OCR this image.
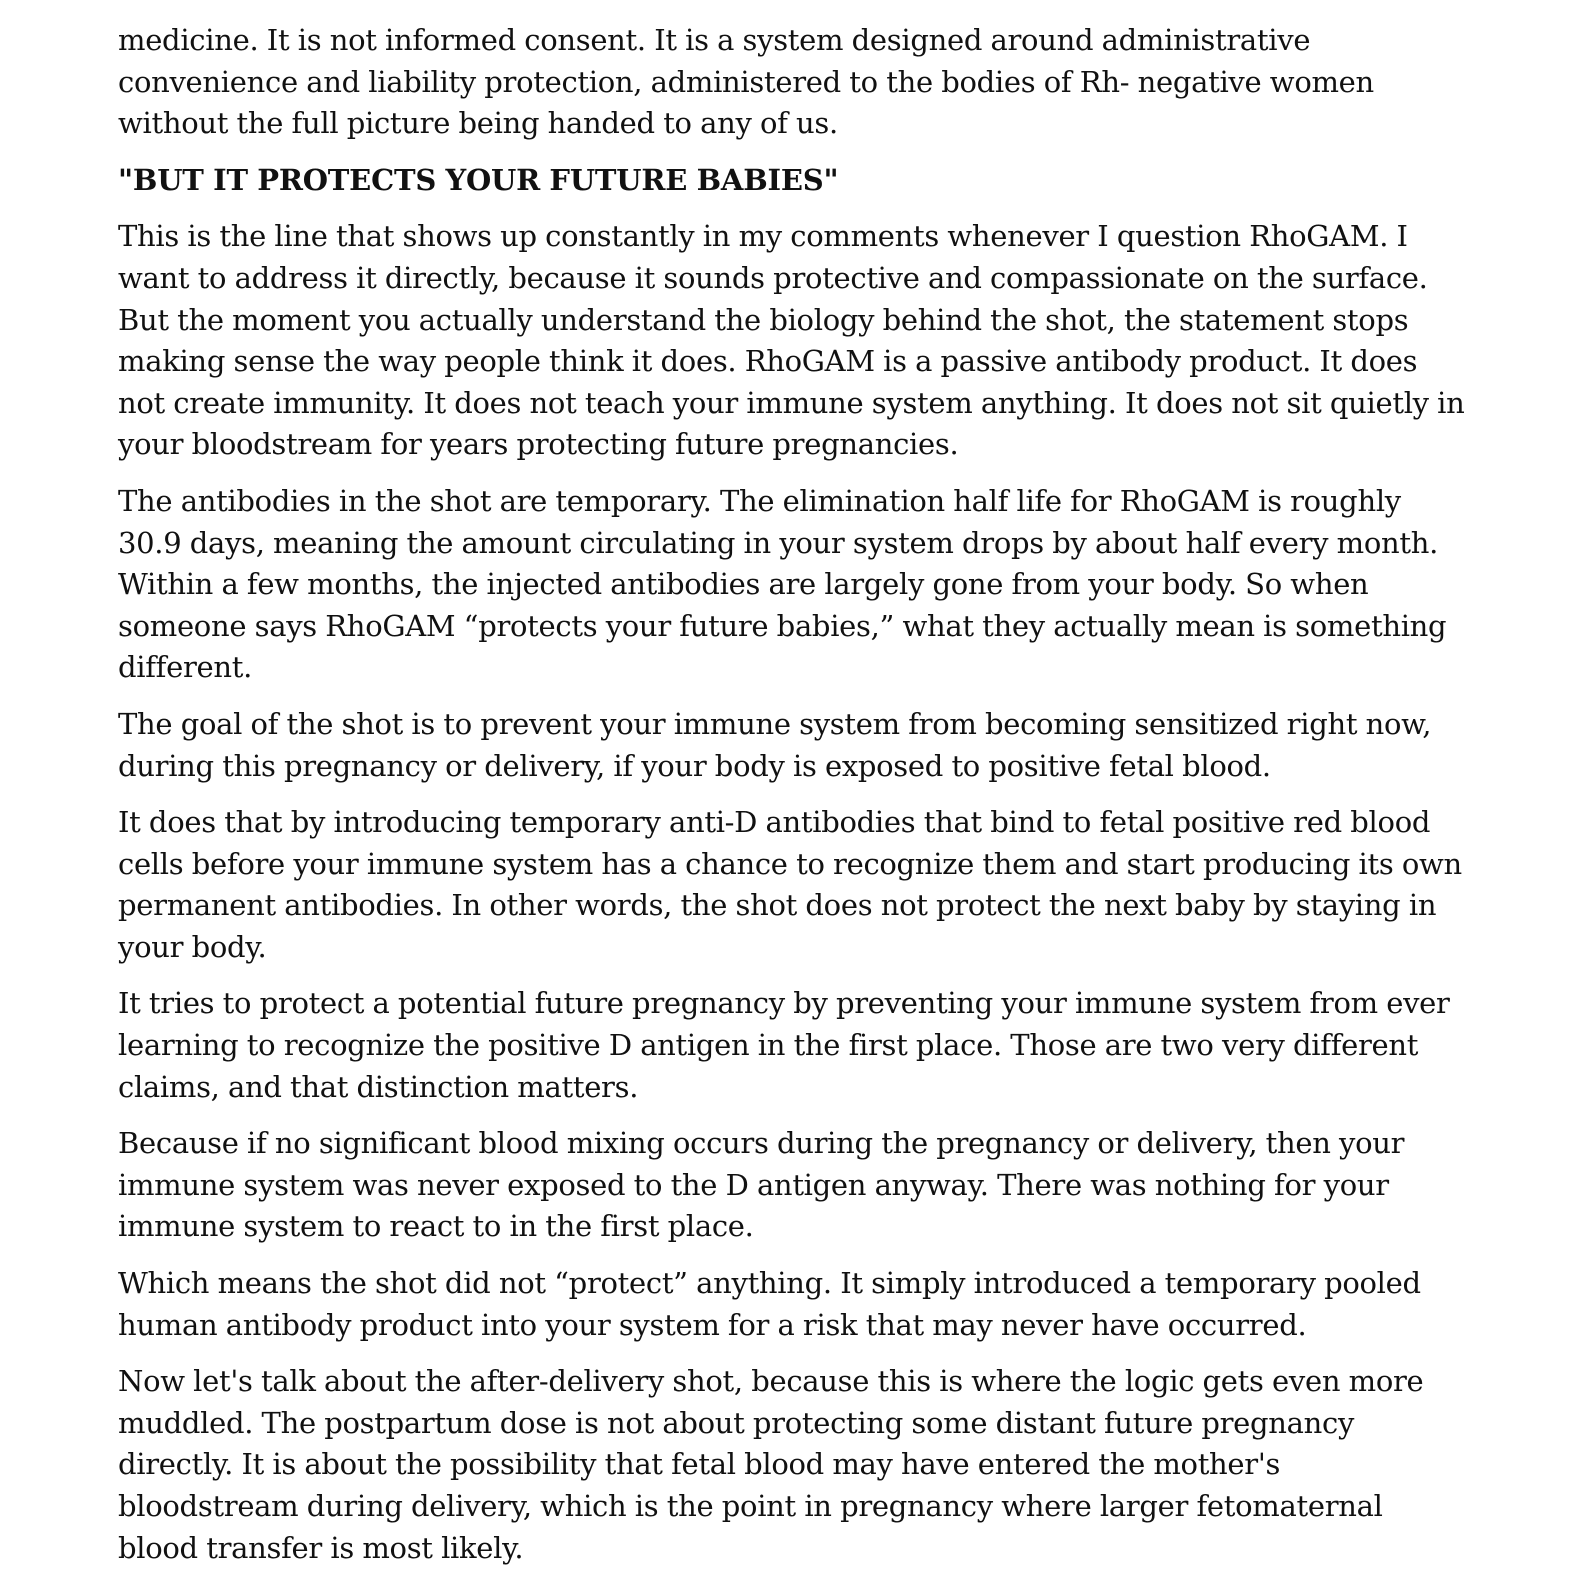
medicine. It is not informed consent. It is a system designed around administrative convenience and liability protection, administered to the bodies of Rh- negative women without the full picture being handed to any of us.

"BUT IT PROTECTS YOUR FUTURE BABIES"

This is the line that shows up constantly in my comments whenever I question RhoGAM. I want to address it directly, because it sounds protective and compassionate on the surface. But the moment you actually understand the biology behind the shot, the statement stops making sense the way people think it does. RhoGAM is a passive antibody product. It does not create immunity. It does not teach your immune system anything. It does not sit quietly in your bloodstream for years protecting future pregnancies.

The antibodies in the shot are temporary. The elimination half life for RhoGAM is roughly 30.9 days, meaning the amount circulating in your system drops by about half every month. Within a few months, the injected antibodies are largely gone from your body. So when someone says RhoGAM “protects your future babies,” what they actually mean is something different.

The goal of the shot is to prevent your immune system from becoming sensitized right now, during this pregnancy or delivery, if your body is exposed to positive fetal blood.

It does that by introducing temporary anti-D antibodies that bind to fetal positive red blood cells before your immune system has a chance to recognize them and start producing its own permanent antibodies. In other words, the shot does not protect the next baby by staying in your body.

It tries to protect a potential future pregnancy by preventing your immune system from ever learning to recognize the positive D antigen in the first place. Those are two very different claims, and that distinction matters.

Because if no significant blood mixing occurs during the pregnancy or delivery, then your immune system was never exposed to the D antigen anyway. There was nothing for your immune system to react to in the first place.

Which means the shot did not “protect” anything. It simply introduced a temporary pooled human antibody product into your system for a risk that may never have occurred.

Now let's talk about the after-delivery shot, because this is where the logic gets even more muddled. The postpartum dose is not about protecting some distant future pregnancy directly. It is about the possibility that fetal blood may have entered the mother's bloodstream during delivery, which is the point in pregnancy where larger fetomaternal blood transfer is most likely.
